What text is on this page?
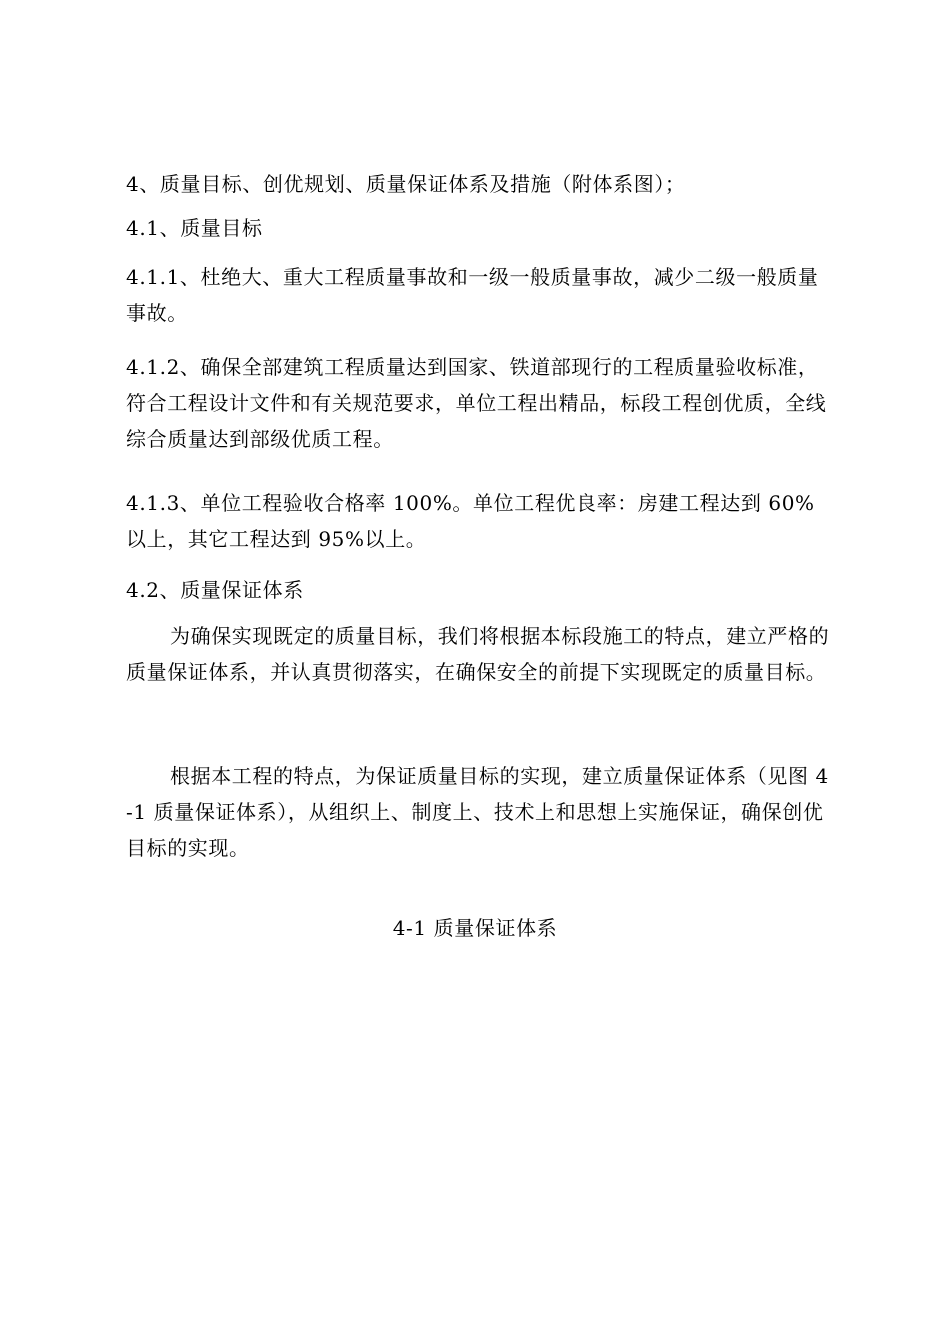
4、质量目标、创优规划、质量保证体系及措施（附体系图）；

4.1、质量目标

4.1.1、杜绝大、重大工程质量事故和一级一般质量事故，减少二级一般质量事故。

4.1.2、确保全部建筑工程质量达到国家、铁道部现行的工程质量验收标准，符合工程设计文件和有关规范要求，单位工程出精品，标段工程创优质，全线综合质量达到部级优质工程。

4.1.3、单位工程验收合格率 100%。单位工程优良率：房建工程达到 60%以上，其它工程达到 95%以上。

4.2、质量保证体系

为确保实现既定的质量目标，我们将根据本标段施工的特点，建立严格的质量保证体系，并认真贯彻落实，在确保安全的前提下实现既定的质量目标。

根据本工程的特点，为保证质量目标的实现，建立质量保证体系（见图 4-1 质量保证体系），从组织上、制度上、技术上和思想上实施保证，确保创优目标的实现。

4-1 质量保证体系
